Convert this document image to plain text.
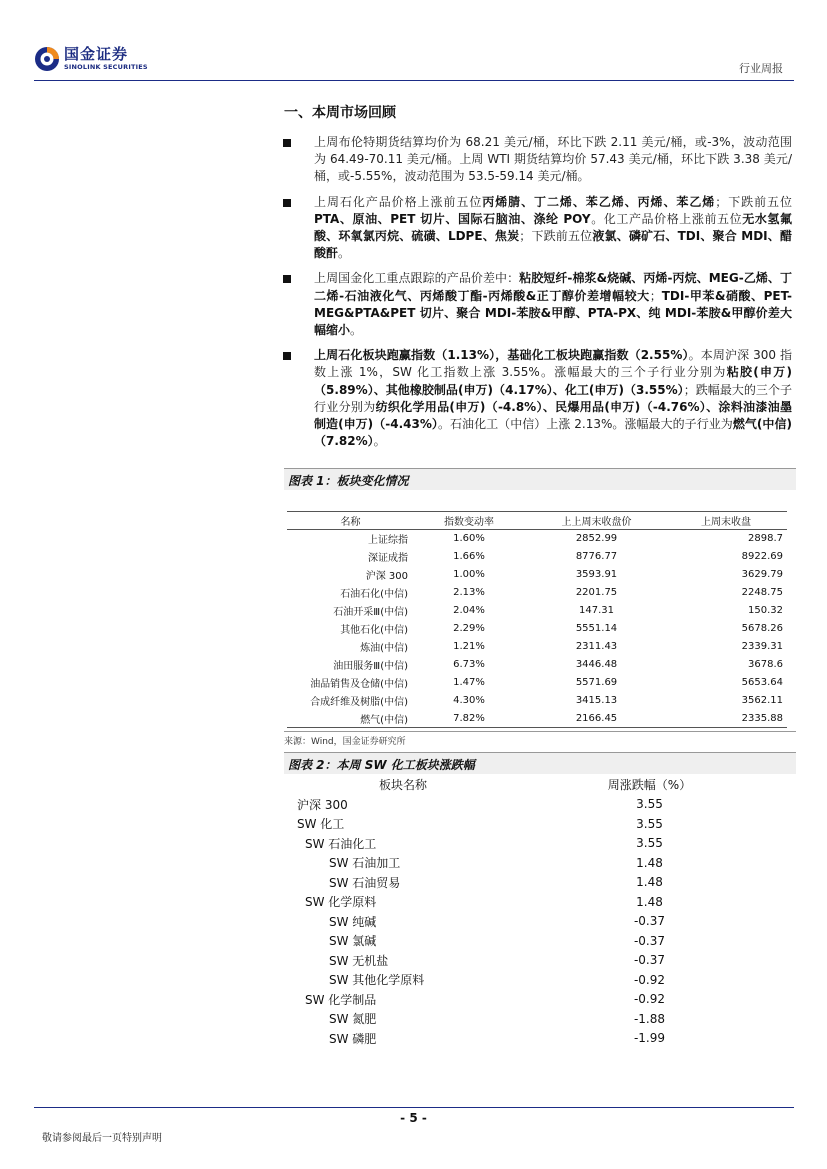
国金证券
SINOLINK SECURITIES	行业周报
一、本周市场回顾
上周布伦特期货结算均价为 68.21 美元/桶，环比下跌 2.11 美元/桶，或-3%，波动范围为 64.49-70.11 美元/桶。上周 WTI 期货结算均价 57.43 美元/桶，环比下跌 3.38 美元/桶，或-5.55%，波动范围为 53.5-59.14 美元/桶。
上周石化产品价格上涨前五位丙烯腈、丁二烯、苯乙烯、丙烯、苯乙烯；下跌前五位 PTA、原油、PET 切片、国际石脑油、涤纶 POY。化工产品价格上涨前五位无水氢氟酸、环氧氯丙烷、硫磺、LDPE、焦炭；下跌前五位液氯、磷矿石、TDI、聚合 MDI、醋酸酐。
上周国金化工重点跟踪的产品价差中：粘胶短纤-棉浆&烧碱、丙烯-丙烷、MEG-乙烯、丁二烯-石油液化气、丙烯酸丁酯-丙烯酸&正丁醇价差增幅较大；TDI-甲苯&硝酸、PET-MEG&PTA&PET 切片、聚合 MDI-苯胺&甲醇、PTA-PX、纯 MDI-苯胺&甲醇价差大幅缩小。
上周石化板块跑赢指数（1.13%），基础化工板块跑赢指数（2.55%）。本周沪深 300 指数上涨 1%，SW 化工指数上涨 3.55%。涨幅最大的三个子行业分别为粘胶(申万)（5.89%）、其他橡胶制品(申万)（4.17%）、化工(申万)（3.55%）；跌幅最大的三个子行业分别为纺织化学用品(申万)（-4.8%）、民爆用品(申万)（-4.76%）、涂料油漆油墨制造(申万)（-4.43%）。石油化工（中信）上涨 2.13%。涨幅最大的子行业为燃气(中信)（7.82%）。
图表 1：板块变化情况
名称	指数变动率	上上周末收盘价	上周末收盘
上证综指	1.60%	2852.99	2898.7
深证成指	1.66%	8776.77	8922.69
沪深 300	1.00%	3593.91	3629.79
石油石化(中信)	2.13%	2201.75	2248.75
石油开采Ⅲ(中信)	2.04%	147.31	150.32
其他石化(中信)	2.29%	5551.14	5678.26
炼油(中信)	1.21%	2311.43	2339.31
油田服务Ⅲ(中信)	6.73%	3446.48	3678.6
油品销售及仓储(中信)	1.47%	5571.69	5653.64
合成纤维及树脂(中信)	4.30%	3415.13	3562.11
燃气(中信)	7.82%	2166.45	2335.88
来源：Wind，国金证券研究所
图表 2：本周 SW 化工板块涨跌幅
板块名称	周涨跌幅（%）
沪深 300	3.55
SW 化工	3.55
SW 石油化工	3.55
SW 石油加工	1.48
SW 石油贸易	1.48
SW 化学原料	1.48
SW 纯碱	-0.37
SW 氯碱	-0.37
SW 无机盐	-0.37
SW 其他化学原料	-0.92
SW 化学制品	-0.92
SW 氮肥	-1.88
SW 磷肥	-1.99
- 5 -
敬请参阅最后一页特别声明
